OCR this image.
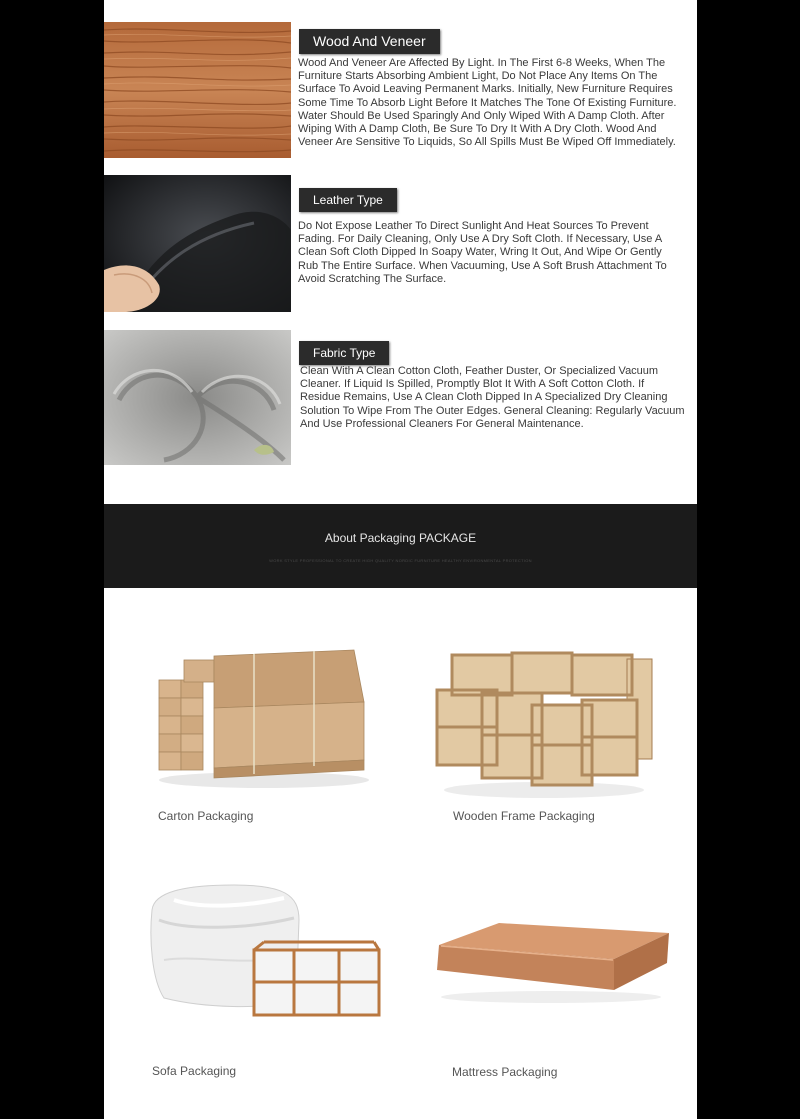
Wood And Veneer

Wood And Veneer Are Affected By Light. In The First 6-8 Weeks, When The Furniture Starts Absorbing Ambient Light, Do Not Place Any Items On The Surface To Avoid Leaving Permanent Marks. Initially, New Furniture Requires Some Time To Absorb Light Before It Matches The Tone Of Existing Furniture. Water Should Be Used Sparingly And Only Wiped With A Damp Cloth. After Wiping With A Damp Cloth, Be Sure To Dry It With A Dry Cloth. Wood And Veneer Are Sensitive To Liquids, So All Spills Must Be Wiped Off Immediately.

Leather Type

Do Not Expose Leather To Direct Sunlight And Heat Sources To Prevent Fading. For Daily Cleaning, Only Use A Dry Soft Cloth. If Necessary, Use A Clean Soft Cloth Dipped In Soapy Water, Wring It Out, And Wipe Or Gently Rub The Entire Surface. When Vacuuming, Use A Soft Brush Attachment To Avoid Scratching The Surface.

Fabric Type

Clean With A Clean Cotton Cloth, Feather Duster, Or Specialized Vacuum Cleaner. If Liquid Is Spilled, Promptly Blot It With A Soft Cotton Cloth. If Residue Remains, Use A Clean Cloth Dipped In A Specialized Dry Cleaning Solution To Wipe From The Outer Edges. General Cleaning: Regularly Vacuum And Use Professional Cleaners For General Maintenance.

About Packaging PACKAGE
WORK STYLE PROFESSIONAL TO CREATE HIGH QUALITY NORDIC FURNITURE HEALTHY ENVIRONMENTAL PROTECTION
Carton Packaging	Wooden Frame Packaging
Sofa Packaging	Mattress Packaging
